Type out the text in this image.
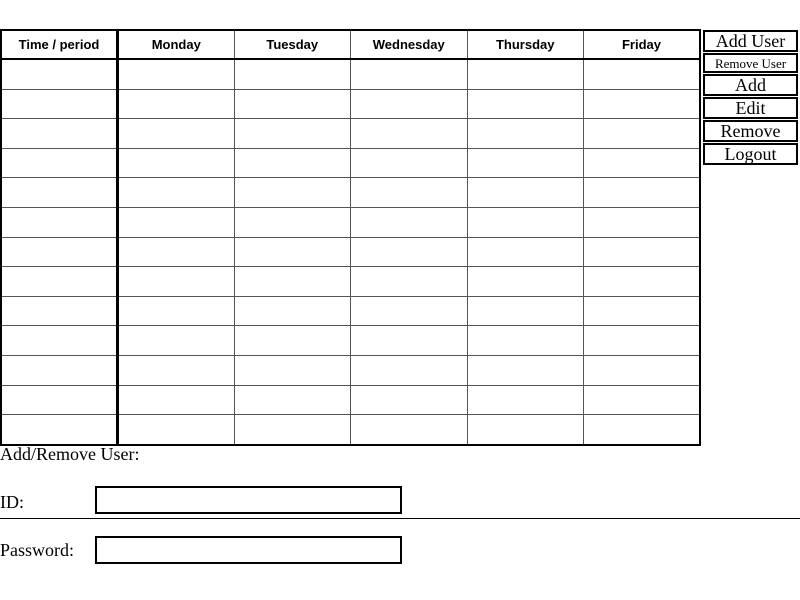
Time / period	Monday	Tuesday	Wednesday	Thursday	Friday

						Add User
Remove User
Add
Edit
Remove
Logout
Add/Remove User:
ID:
Password:
